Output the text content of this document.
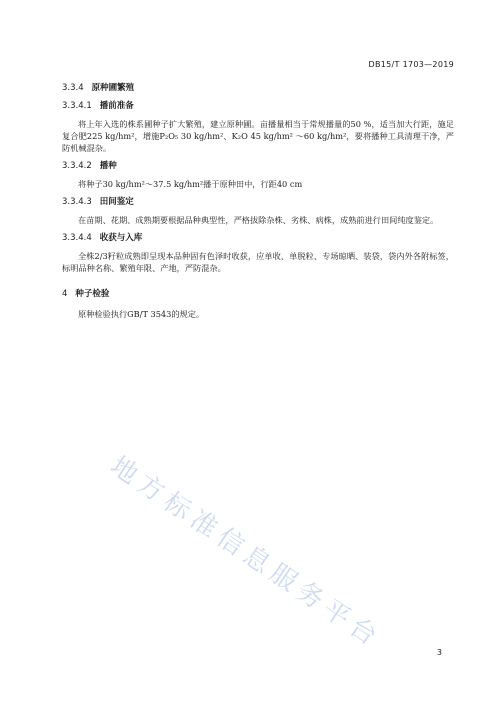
DB15/T 1703—2019
3.3.4 原种圃繁殖
3.3.4.1 播前准备

将上年入选的株系圃种子扩大繁殖，建立原种圃。亩播量相当于常规播量的50 %，适当加大行距，施足复合肥225 kg/hm²，增施P₂O₅ 30 kg/hm²、K₂O 45 kg/hm² ～60 kg/hm²，要将播种工具清理干净，严防机械混杂。

3.3.4.2 播种

将种子30 kg/hm²～37.5 kg/hm²播于原种田中，行距40 cm

3.3.4.3 田间鉴定

在苗期、花期、成熟期要根据品种典型性，严格拔除杂株、劣株、病株，成熟前进行田间纯度鉴定。

3.3.4.4 收获与入库

全株2/3籽粒成熟即呈现本品种固有色泽时收获，应单收、单脱粒、专场晾晒、装袋，袋内外各附标签，标明品种名称、繁殖年限、产地，严防混杂。

4 种子检验

原种检验执行GB/T 3543的规定。

地方标准信息服务平台	3
